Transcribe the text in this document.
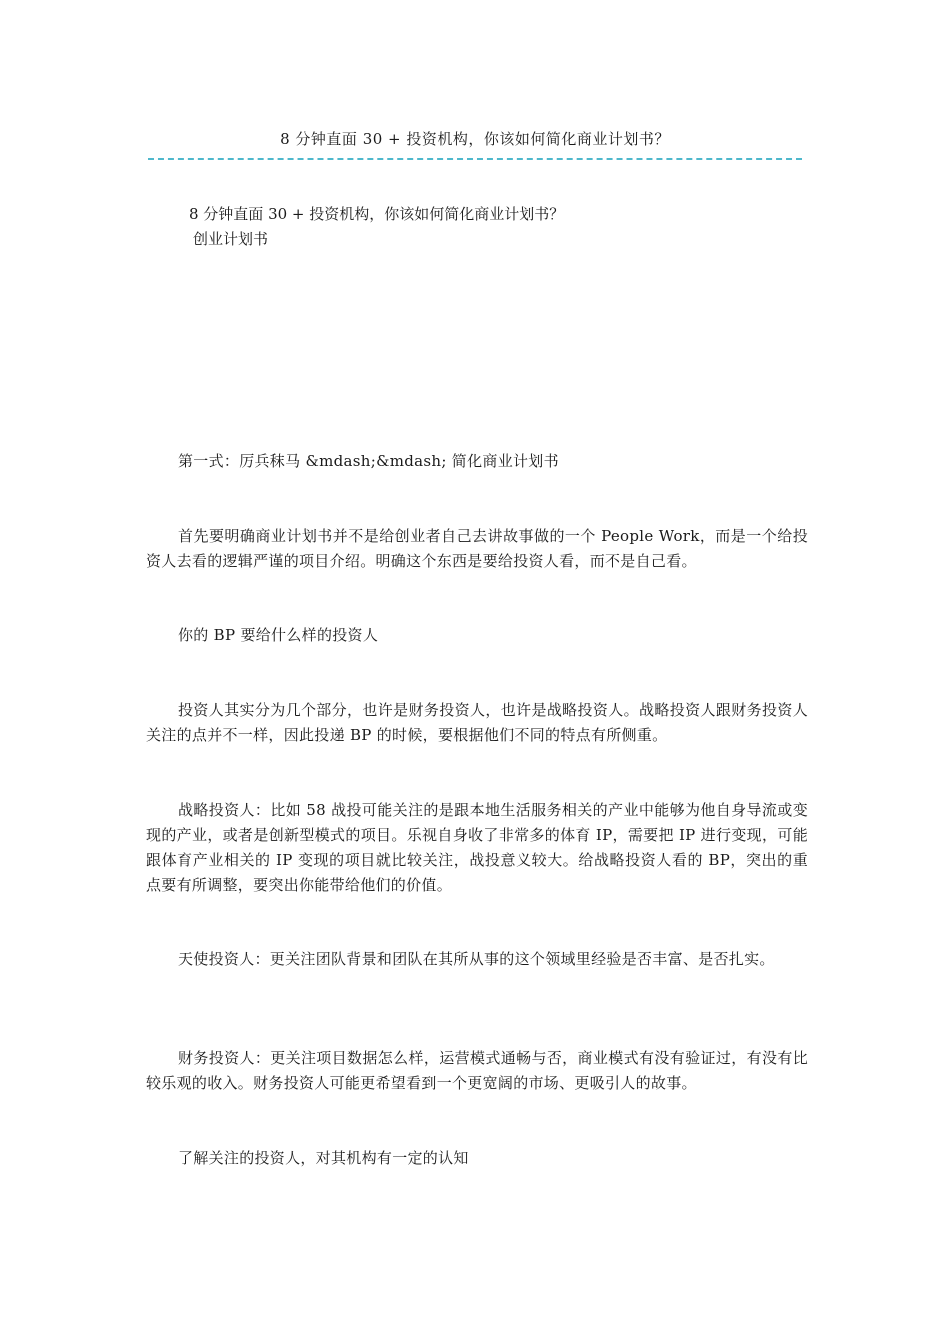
8 分钟直面 30 + 投资机构，你该如何简化商业计划书？
8 分钟直面 30 + 投资机构，你该如何简化商业计划书？
创业计划书
第一式：厉兵秣马 &mdash;&mdash; 简化商业计划书
首先要明确商业计划书并不是给创业者自己去讲故事做的一个 People Work，而是一个给投资人去看的逻辑严谨的项目介绍。明确这个东西是要给投资人看，而不是自己看。
你的 BP 要给什么样的投资人
投资人其实分为几个部分，也许是财务投资人，也许是战略投资人。战略投资人跟财务投资人关注的点并不一样，因此投递 BP 的时候，要根据他们不同的特点有所侧重。
战略投资人：比如 58 战投可能关注的是跟本地生活服务相关的产业中能够为他自身导流或变现的产业，或者是创新型模式的项目。乐视自身收了非常多的体育 IP，需要把 IP 进行变现，可能跟体育产业相关的 IP 变现的项目就比较关注，战投意义较大。给战略投资人看的 BP，突出的重点要有所调整，要突出你能带给他们的价值。
天使投资人：更关注团队背景和团队在其所从事的这个领域里经验是否丰富、是否扎实。
财务投资人：更关注项目数据怎么样，运营模式通畅与否，商业模式有没有验证过，有没有比较乐观的收入。财务投资人可能更希望看到一个更宽阔的市场、更吸引人的故事。
了解关注的投资人，对其机构有一定的认知
